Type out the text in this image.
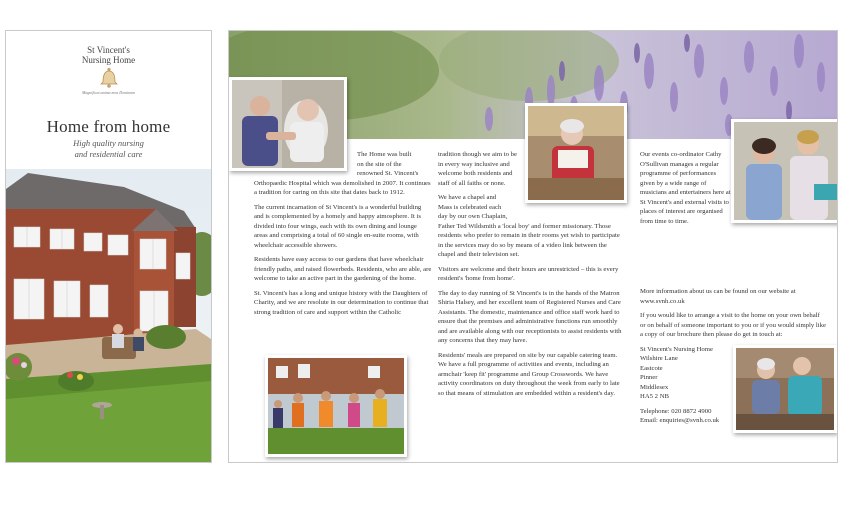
St Vincent's
Nursing Home
Magnificat anima mea Dominum
Home from home
High quality nursing
and residential care	The Home was built
on the site of the
renowned St. Vincent's

Orthopaedic Hospital which was demolished in 2007. It continues a tradition for caring on this site that dates back to 1912.

The current incarnation of St Vincent's is a wonderful building and is complemented by a homely and happy atmosphere. It is divided into four wings, each with its own dining and lounge areas and comprising a total of 60 single en-suite rooms, with wheelchair accessible showers.

Residents have easy access to our gardens that have wheelchair friendly paths, and raised flowerbeds. Residents, who are able, are welcome to take an active part in the gardening of the home.

St. Vincent's has a long and unique history with the Daughters of Charity, and we are resolute in our determination to continue that strong tradition of care and support within the Catholic

tradition though we aim to be in every way inclusive and welcome both residents and staff of all faiths or none.

We have a chapel and
Mass is celebrated each
day by our own Chaplain,

Father Ted Wildsmith a 'local boy' and former missionary. Those residents who prefer to remain in their rooms yet wish to participate in the services may do so by means of a video link between the chapel and their television set.

Visitors are welcome and their hours are unrestricted – this is every resident's 'home from home'.

The day to day running of St Vincent's is in the hands of the Matron Shiria Halsey, and her excellent team of Registered Nurses and Care Assistants. The domestic, maintenance and office staff work hard to ensure that the premises and administrative functions run smoothly and are available along with our receptionists to assist residents with any concerns that they may have.

Residents' meals are prepared on site by our capable catering team. We have a full programme of activities and events, including an armchair 'keep fit' programme and Group Crosswords. We have activity coordinators on duty throughout the week from early to late so that means of stimulation are embedded within a resident's day.

Our events co-ordinator Cathy O'Sullivan manages a regular programme of performances given by a wide range of musicians and entertainers here at St Vincent's and external visits to places of interest are organised from time to time.

More information about us can be found on our website at www.svnh.co.uk

If you would like to arrange a visit to the home on your own behalf or on behalf of someone important to you or if you would simply like a copy of our brochure then please do get in touch at:

St Vincent's Nursing Home
Wilshire Lane
Eastcote
Pinner
Middlesex
HA5 2 NB
Telephone: 020 8872 4900
Email: enquiries@svnh.co.uk
